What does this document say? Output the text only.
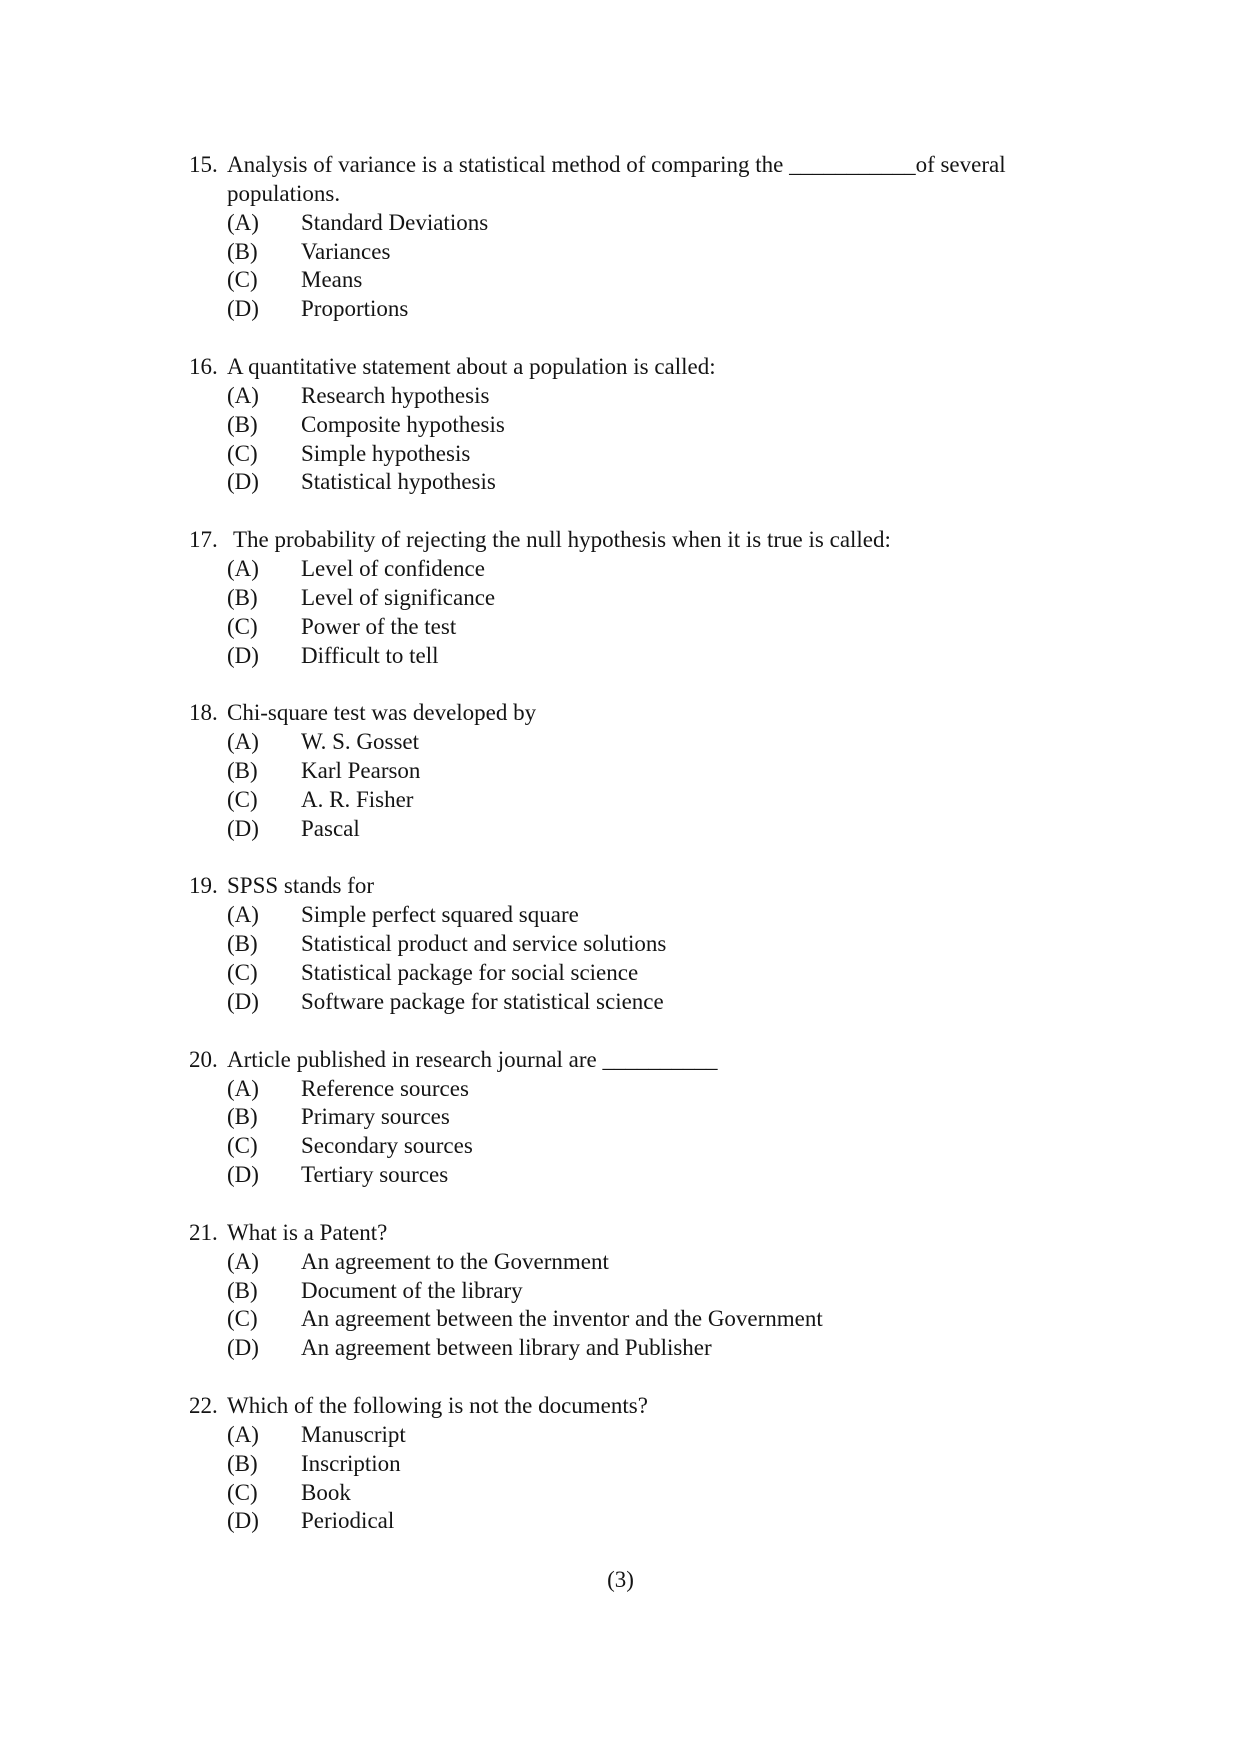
15. Analysis of variance is a statistical method of comparing the ___________of several
populations.
(A)	Standard Deviations
(B)	Variances
(C)	Means
(D)	Proportions
16. A quantitative statement about a population is called:
(A)	Research hypothesis
(B)	Composite hypothesis
(C)	Simple hypothesis
(D)	Statistical hypothesis
17. The probability of rejecting the null hypothesis when it is true is called:
(A)	Level of confidence
(B)	Level of significance
(C)	Power of the test
(D)	Difficult to tell
18. Chi-square test was developed by
(A)	W. S. Gosset
(B)	Karl Pearson
(C)	A. R. Fisher
(D)	Pascal
19. SPSS stands for
(A)	Simple perfect squared square
(B)	Statistical product and service solutions
(C)	Statistical package for social science
(D)	Software package for statistical science
20. Article published in research journal are __________
(A)	Reference sources
(B)	Primary sources
(C)	Secondary sources
(D)	Tertiary sources
21. What is a Patent?
(A)	An agreement to the Government
(B)	Document of the library
(C)	An agreement between the inventor and the Government
(D)	An agreement between library and Publisher
22. Which of the following is not the documents?
(A)	Manuscript
(B)	Inscription
(C)	Book
(D)	Periodical
(3)
